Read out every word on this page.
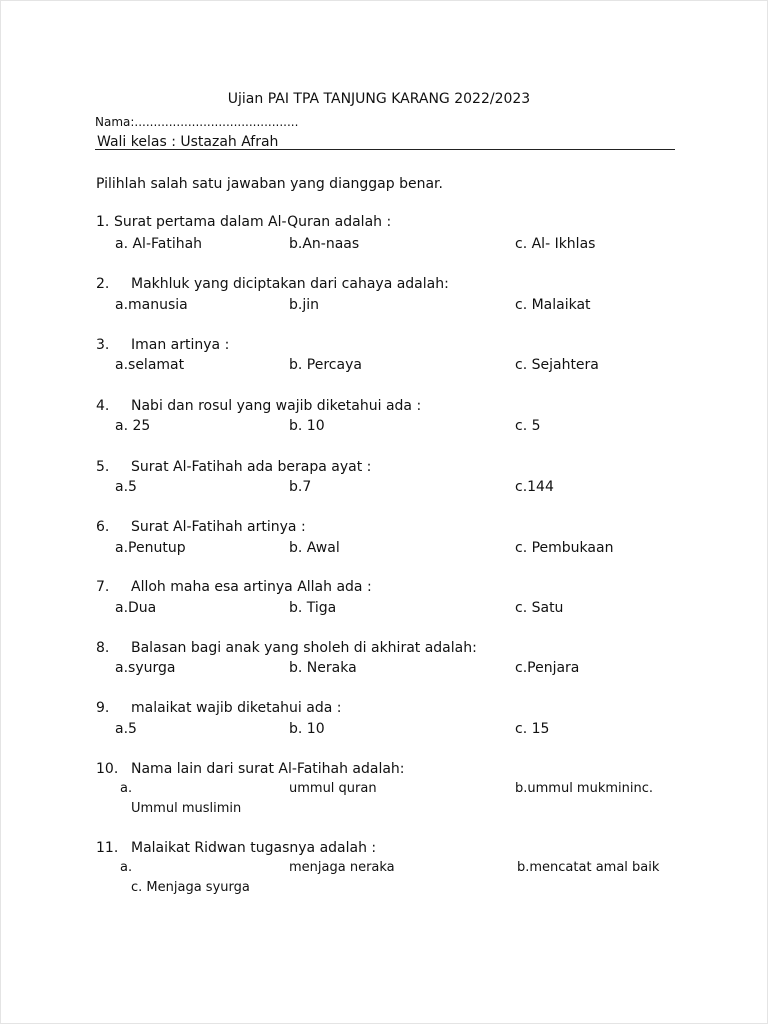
Ujian PAI TPA TANJUNG KARANG 2022/2023
Nama:...........................................
Wali kelas : Ustazah Afrah
Pilihlah salah satu jawaban yang dianggap benar.
1. Surat pertama dalam Al-Quran adalah :
a. Al-Fatihah	b.An-naas	c. Al- Ikhlas
2. Makhluk yang diciptakan dari cahaya adalah:
a.manusia	b.jin	c. Malaikat
3. Iman artinya :
a.selamat	b. Percaya	c. Sejahtera
4. Nabi dan rosul yang wajib diketahui ada :
a. 25	b. 10	c. 5
5. Surat Al-Fatihah ada berapa ayat :
a.5	b.7	c.144
6. Surat Al-Fatihah artinya :
a.Penutup	b. Awal	c. Pembukaan
7. Alloh maha esa artinya Allah ada :
a.Dua	b. Tiga	c. Satu
8. Balasan bagi anak yang sholeh di akhirat adalah:
a.syurga	b. Neraka	c.Penjara
9. malaikat wajib diketahui ada :
a.5	b. 10	c. 15
10. Nama lain dari surat Al-Fatihah adalah:
a.	ummul quran	b.ummul mukmininc.
Ummul muslimin
11. Malaikat Ridwan tugasnya adalah :
a.	menjaga neraka	b.mencatat amal baik
c. Menjaga syurga
